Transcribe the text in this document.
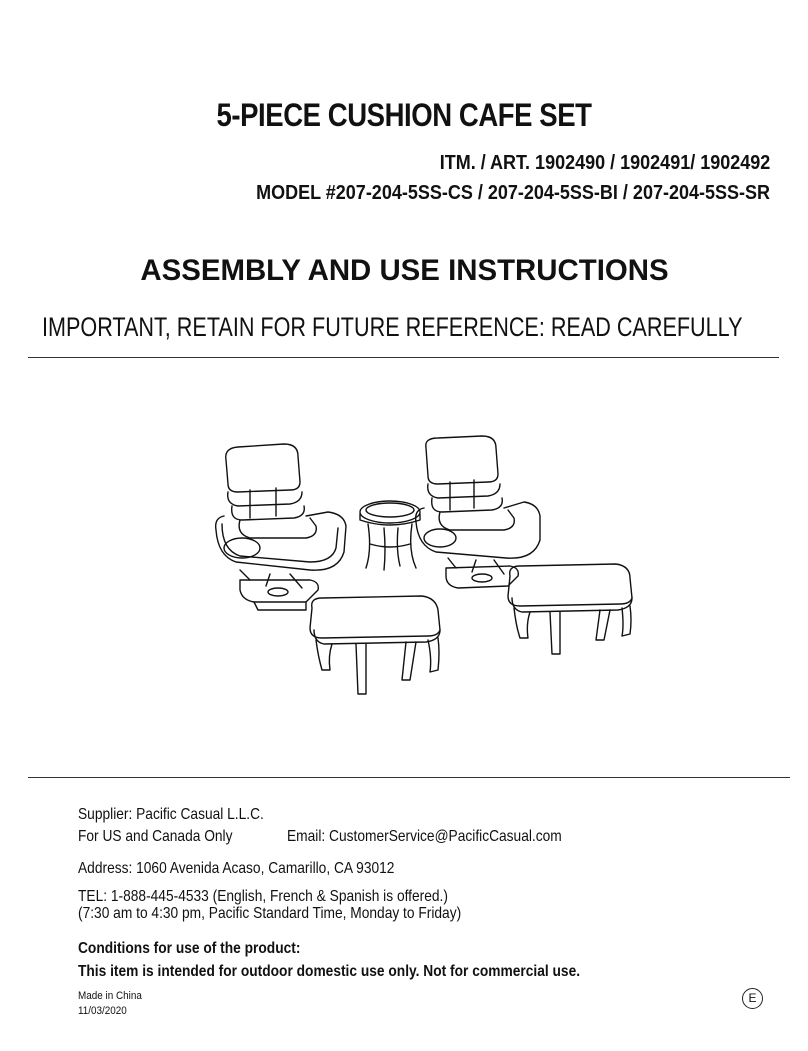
5-PIECE CUSHION CAFE SET
ITM. / ART. 1902490 / 1902491/ 1902492
MODEL #207-204-5SS-CS / 207-204-5SS-BI / 207-204-5SS-SR
ASSEMBLY AND USE INSTRUCTIONS
IMPORTANT, RETAIN FOR FUTURE REFERENCE: READ CAREFULLY
Supplier: Pacific Casual L.L.C.
For US and Canada Only	Email: CustomerService@PacificCasual.com
Address: 1060 Avenida Acaso, Camarillo, CA 93012
TEL: 1-888-445-4533 (English, French & Spanish is offered.)
(7:30 am to 4:30 pm, Pacific Standard Time, Monday to Friday)
Conditions for use of the product:
This item is intended for outdoor domestic use only. Not for commercial use.
Made in China
11/03/2020
E
